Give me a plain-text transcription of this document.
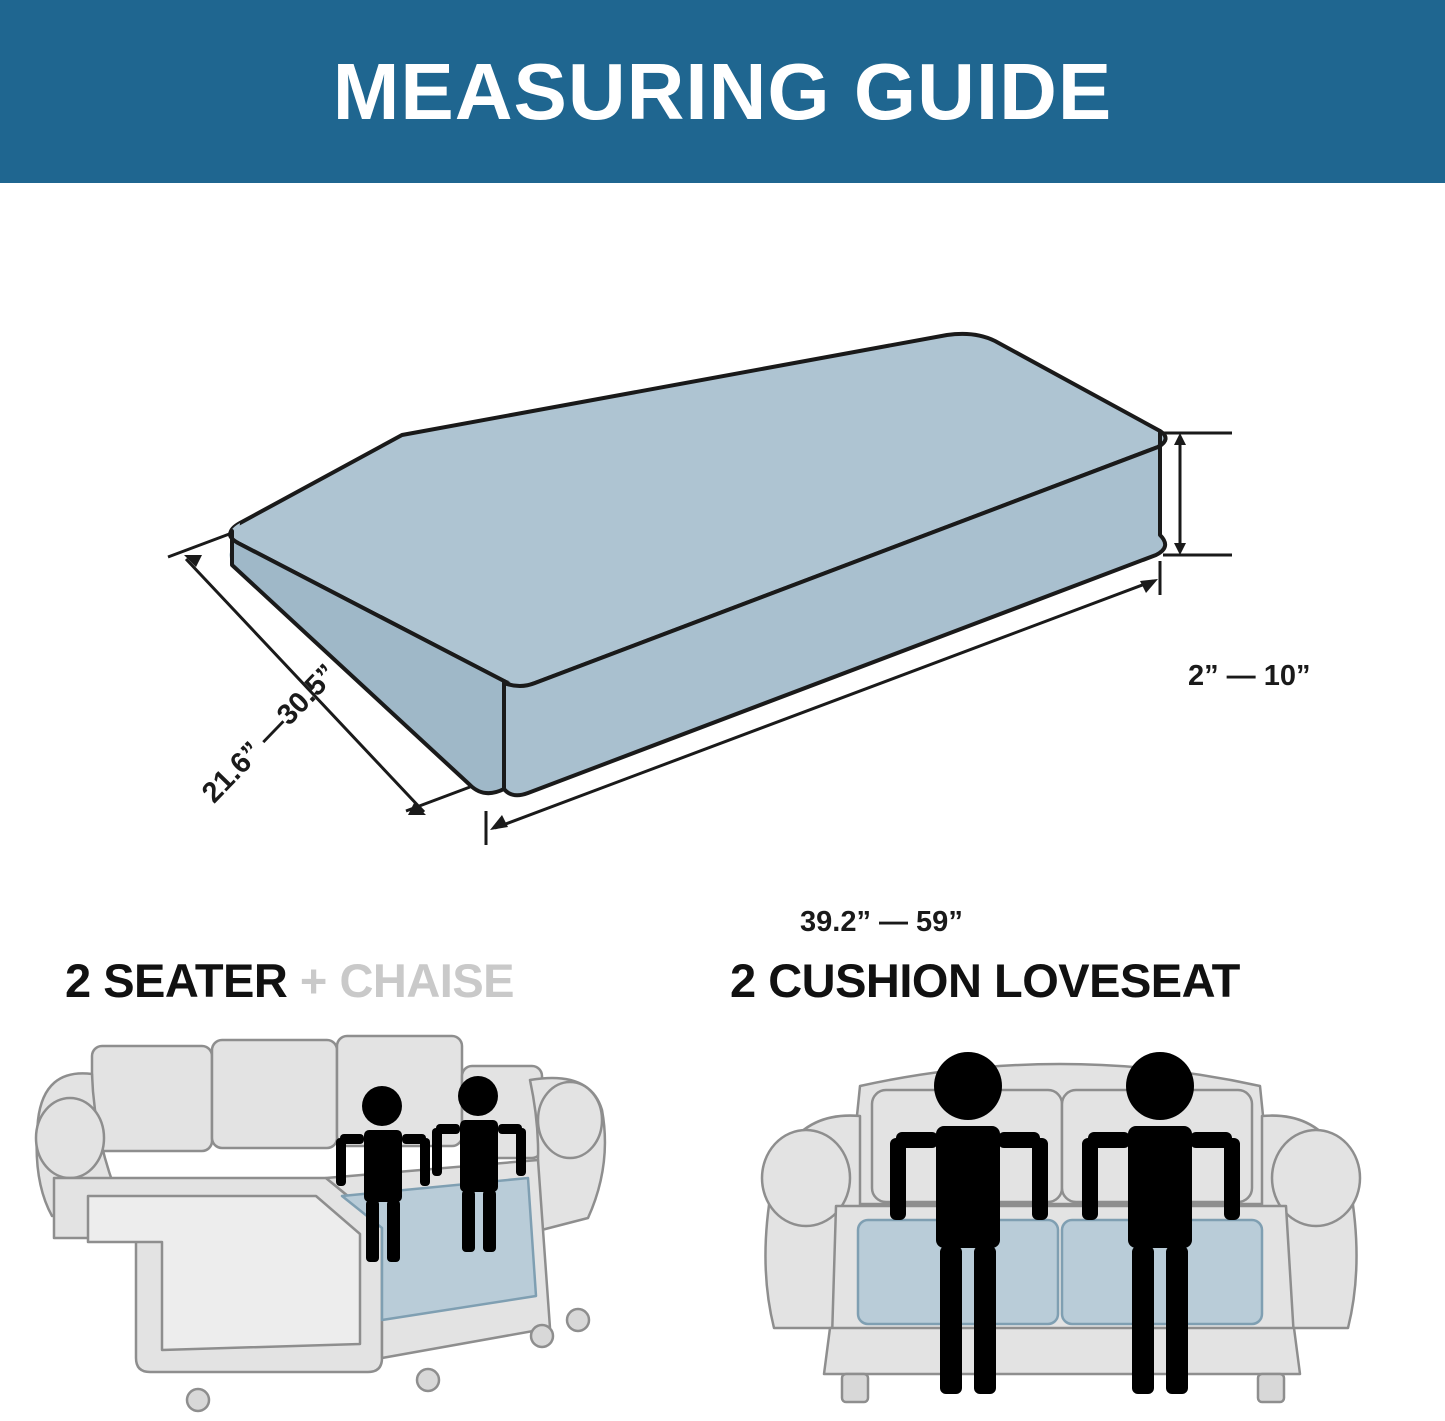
MEASURING GUIDE
2” — 10”
39.2” — 59”
21.6” —30.5”
2 SEATER + CHAISE	2 CUSHION LOVESEAT
